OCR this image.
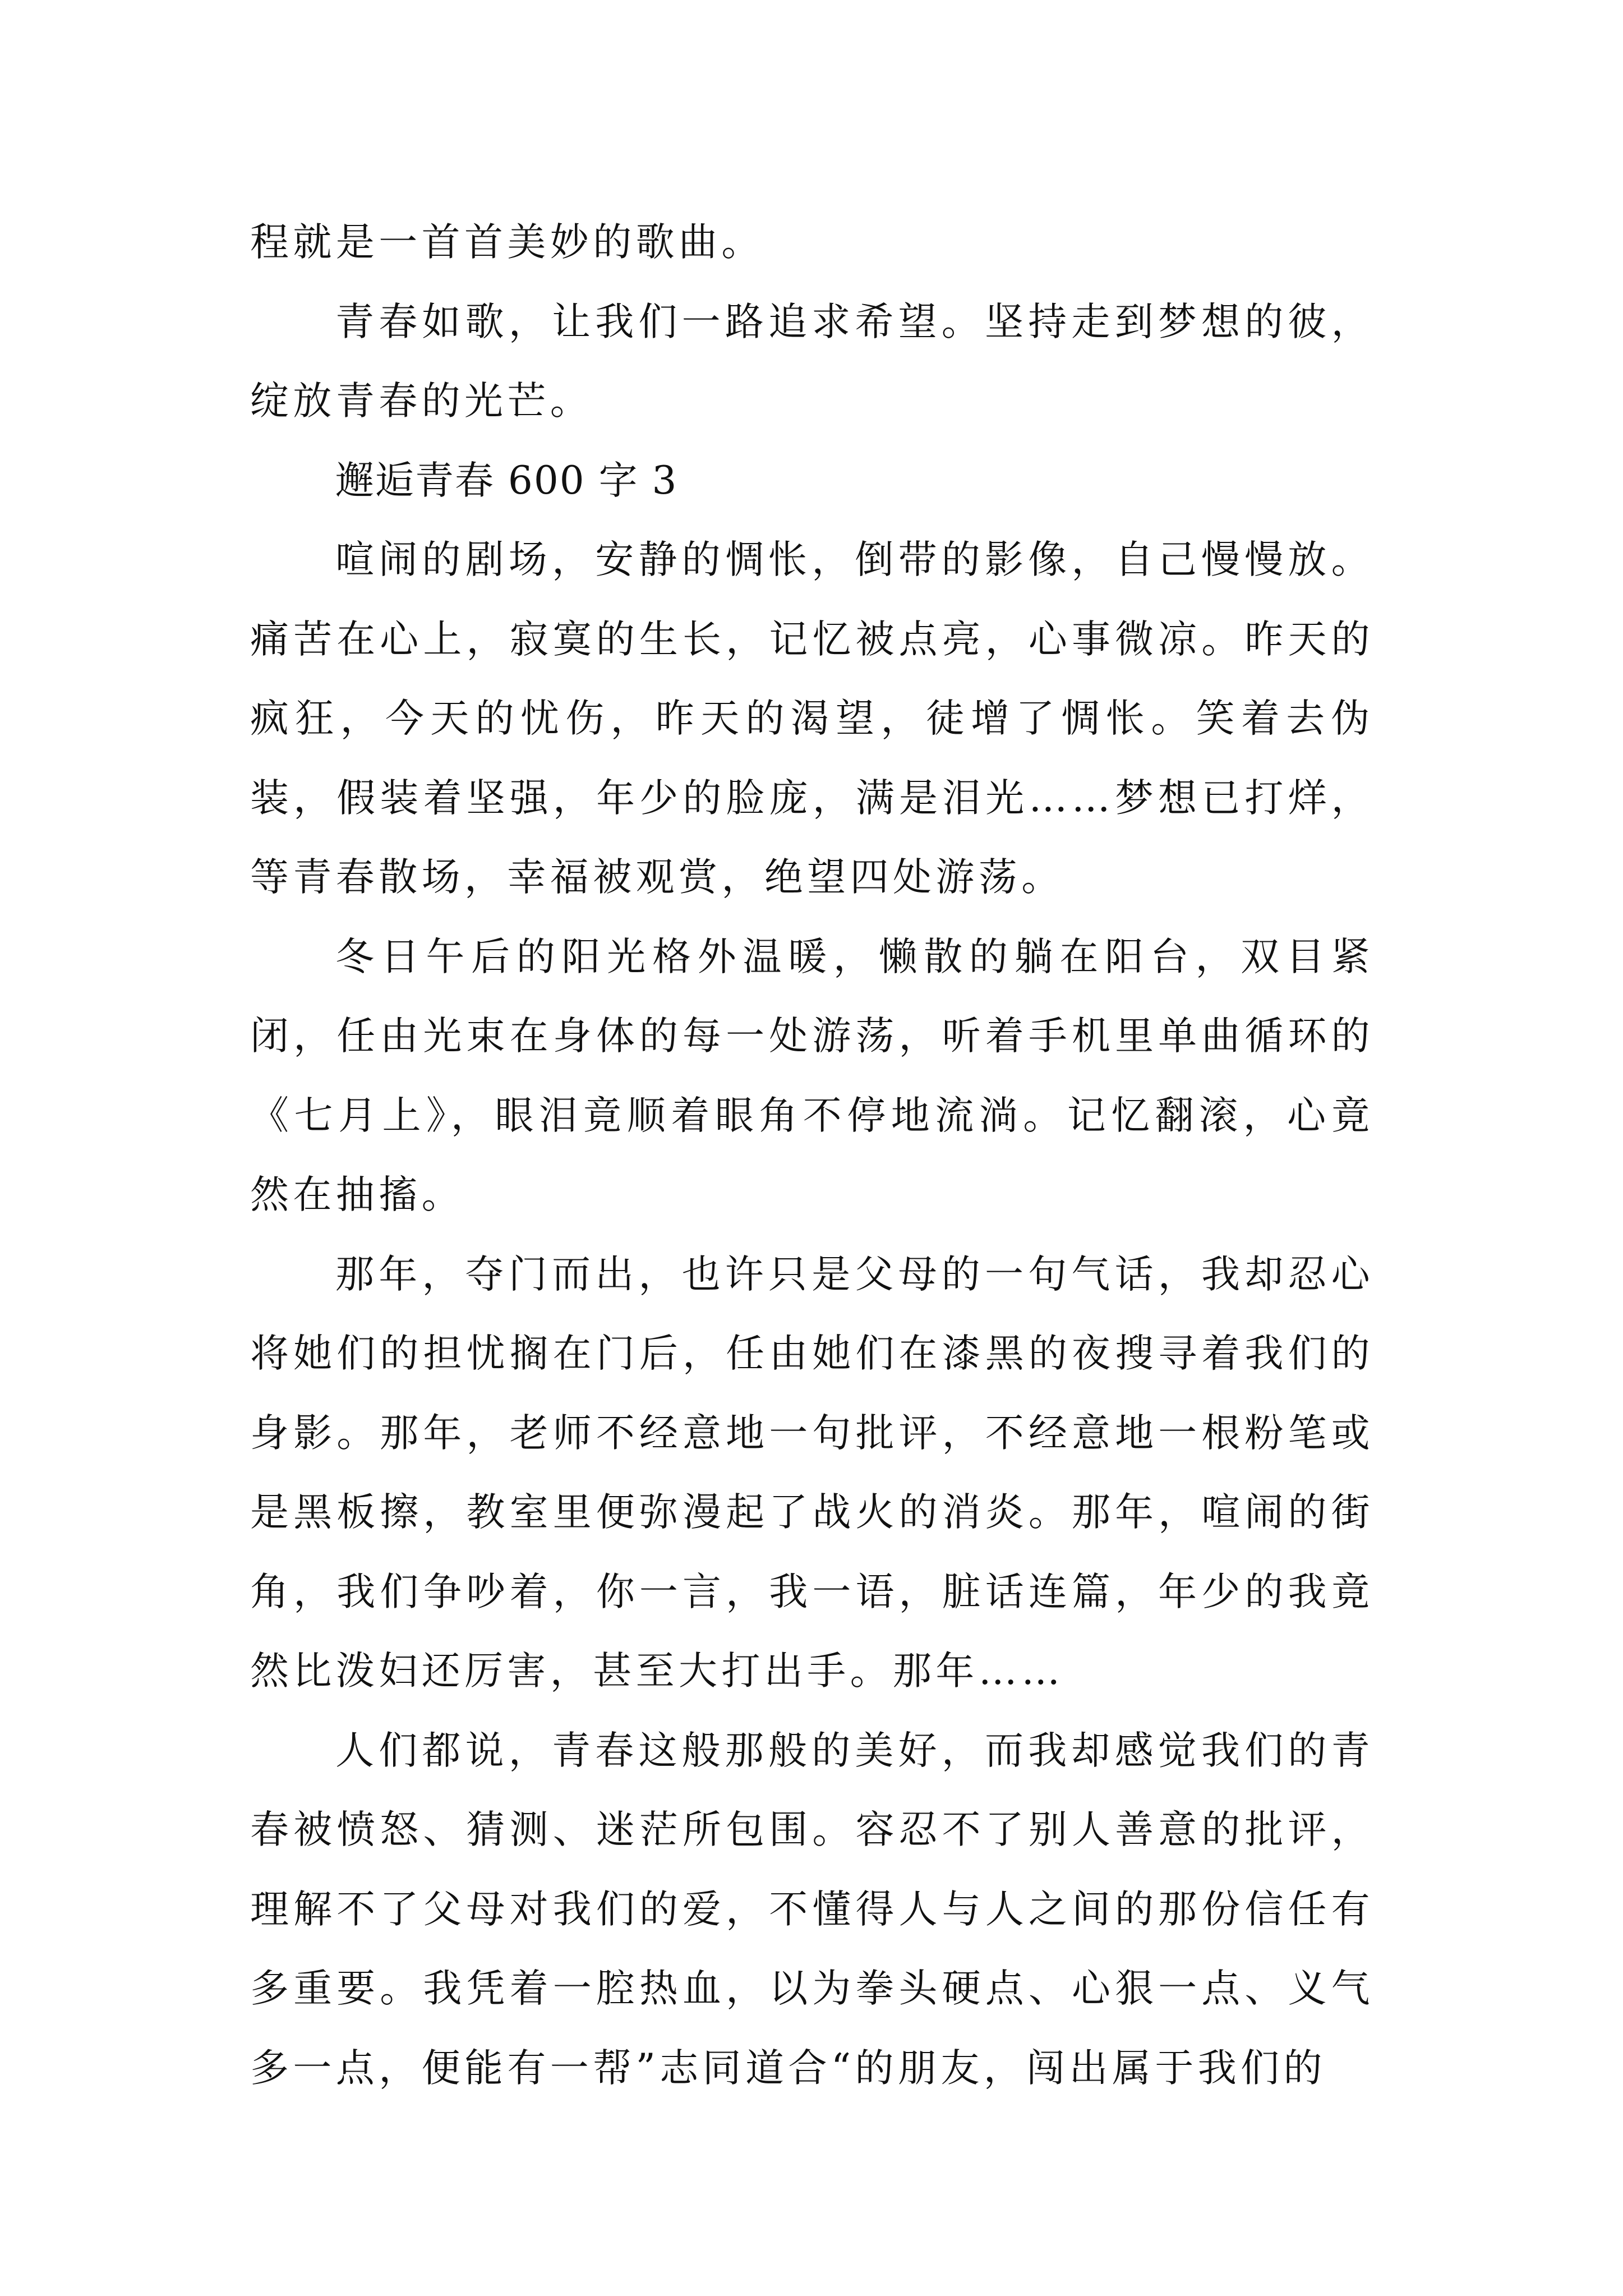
程就是一首首美妙的歌曲。

青春如歌，让我们一路追求希望。坚持走到梦想的彼，绽放青春的光芒。

邂逅青春 600 字 3

喧闹的剧场，安静的惆怅，倒带的影像，自己慢慢放。痛苦在心上，寂寞的生长，记忆被点亮，心事微凉。昨天的疯狂，今天的忧伤，昨天的渴望，徒增了惆怅。笑着去伪装，假装着坚强，年少的脸庞，满是泪光……梦想已打烊，等青春散场，幸福被观赏，绝望四处游荡。

冬日午后的阳光格外温暖，懒散的躺在阳台，双目紧闭，任由光束在身体的每一处游荡，听着手机里单曲循环的《七月上》，眼泪竟顺着眼角不停地流淌。记忆翻滚，心竟然在抽搐。

那年，夺门而出，也许只是父母的一句气话，我却忍心将她们的担忧搁在门后，任由她们在漆黑的夜搜寻着我们的身影。那年，老师不经意地一句批评，不经意地一根粉笔或是黑板擦，教室里便弥漫起了战火的消炎。那年，喧闹的街角，我们争吵着，你一言，我一语，脏话连篇，年少的我竟然比泼妇还厉害，甚至大打出手。那年……

人们都说，青春这般那般的美好，而我却感觉我们的青春被愤怒、猜测、迷茫所包围。容忍不了别人善意的批评，理解不了父母对我们的爱，不懂得人与人之间的那份信任有多重要。我凭着一腔热血，以为拳头硬点、心狠一点、义气多一点，便能有一帮”志同道合“的朋友，闯出属于我们的
